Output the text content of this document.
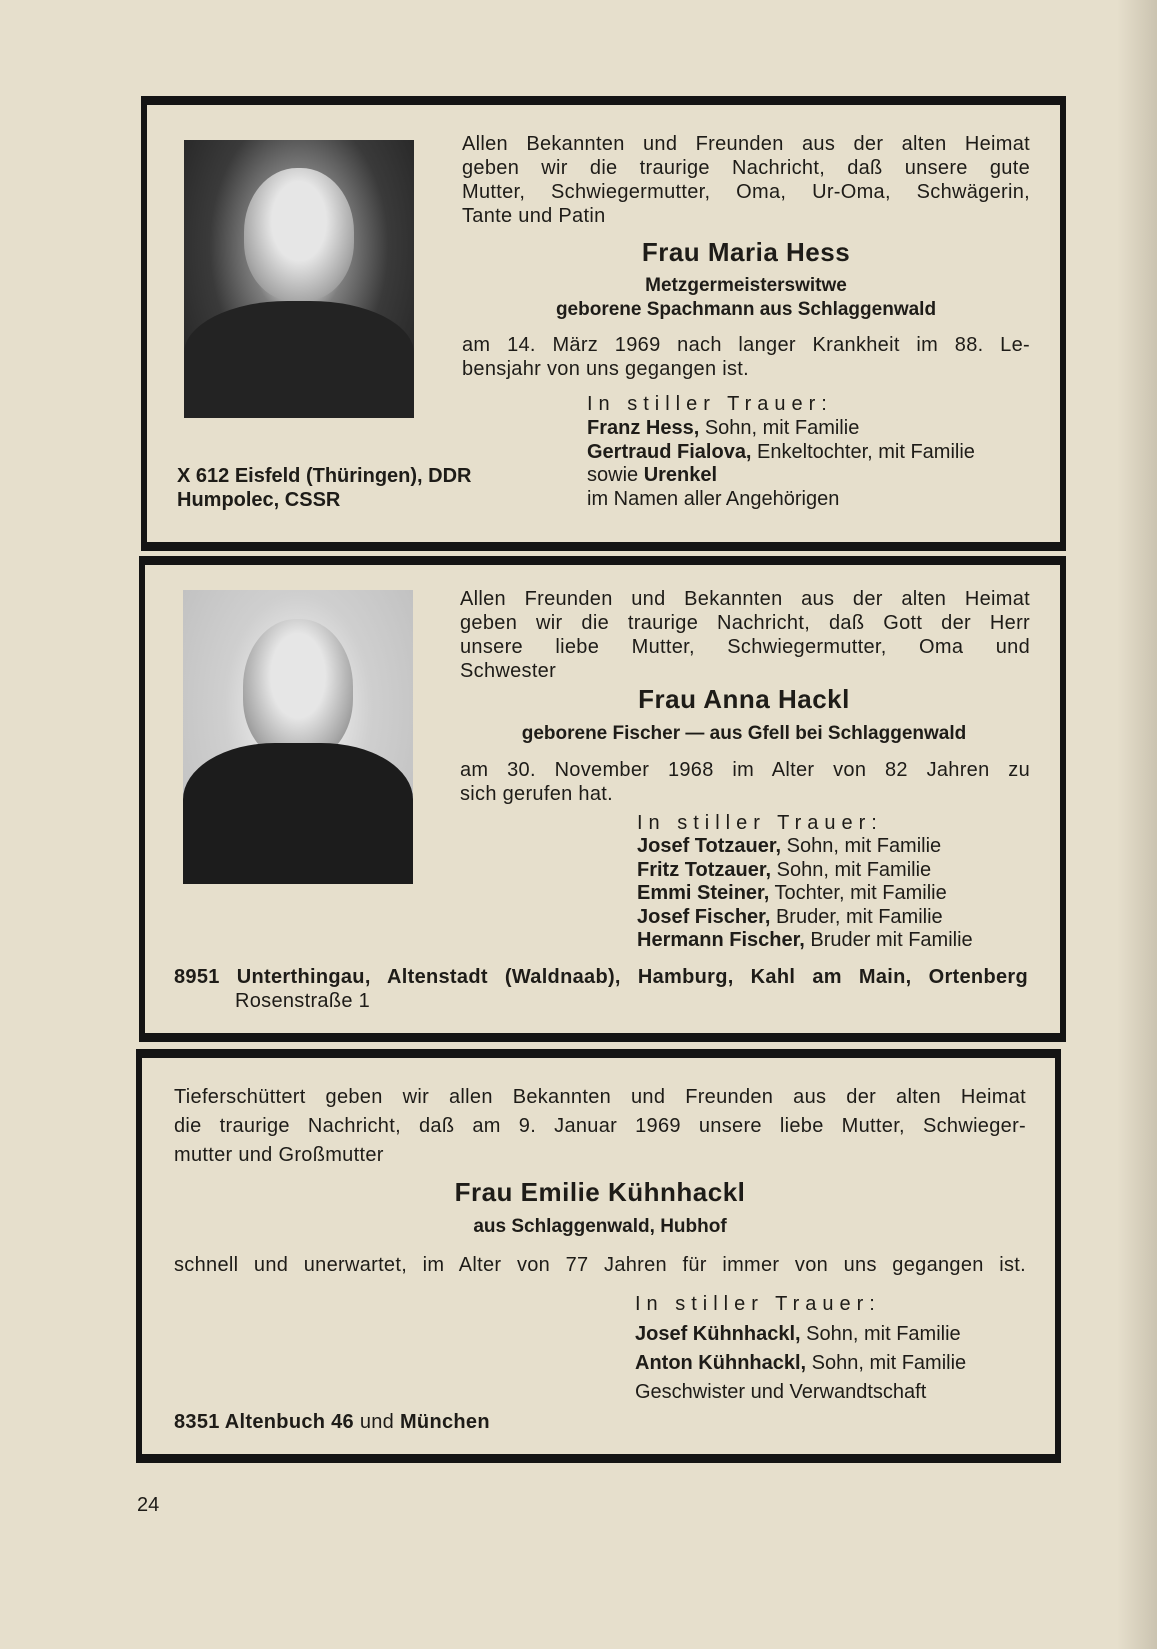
Allen Bekannten und Freunden aus der alten Heimat
geben wir die traurige Nachricht, daß unsere gute
Mutter, Schwiegermutter, Oma, Ur-Oma, Schwägerin,
Tante und Patin
Frau Maria Hess
Metzgermeisterswitwe
geborene Spachmann aus Schlaggenwald
am 14. März 1969 nach langer Krankheit im 88. Le-
bensjahr von uns gegangen ist.
In stiller Trauer:
Franz Hess, Sohn, mit Familie
Gertraud Fialova, Enkeltochter, mit Familie
sowie Urenkel
im Namen aller Angehörigen
X 612 Eisfeld (Thüringen), DDR
Humpolec, CSSR
Allen Freunden und Bekannten aus der alten Heimat
geben wir die traurige Nachricht, daß Gott der Herr
unsere liebe Mutter, Schwiegermutter, Oma und
Schwester
Frau Anna Hackl
geborene Fischer — aus Gfell bei Schlaggenwald
am 30. November 1968 im Alter von 82 Jahren zu
sich gerufen hat.
In stiller Trauer:
Josef Totzauer, Sohn, mit Familie
Fritz Totzauer, Sohn, mit Familie
Emmi Steiner, Tochter, mit Familie
Josef Fischer, Bruder, mit Familie
Hermann Fischer, Bruder mit Familie
8951 Unterthingau, Altenstadt (Waldnaab), Hamburg, Kahl am Main, Ortenberg
Rosenstraße 1
Tieferschüttert geben wir allen Bekannten und Freunden aus der alten Heimat
die traurige Nachricht, daß am 9. Januar 1969 unsere liebe Mutter, Schwieger-
mutter und Großmutter
Frau Emilie Kühnhackl
aus Schlaggenwald, Hubhof
schnell und unerwartet, im Alter von 77 Jahren für immer von uns gegangen ist.
In stiller Trauer:
Josef Kühnhackl, Sohn, mit Familie
Anton Kühnhackl, Sohn, mit Familie
Geschwister und Verwandtschaft
8351 Altenbuch 46 und München
24
